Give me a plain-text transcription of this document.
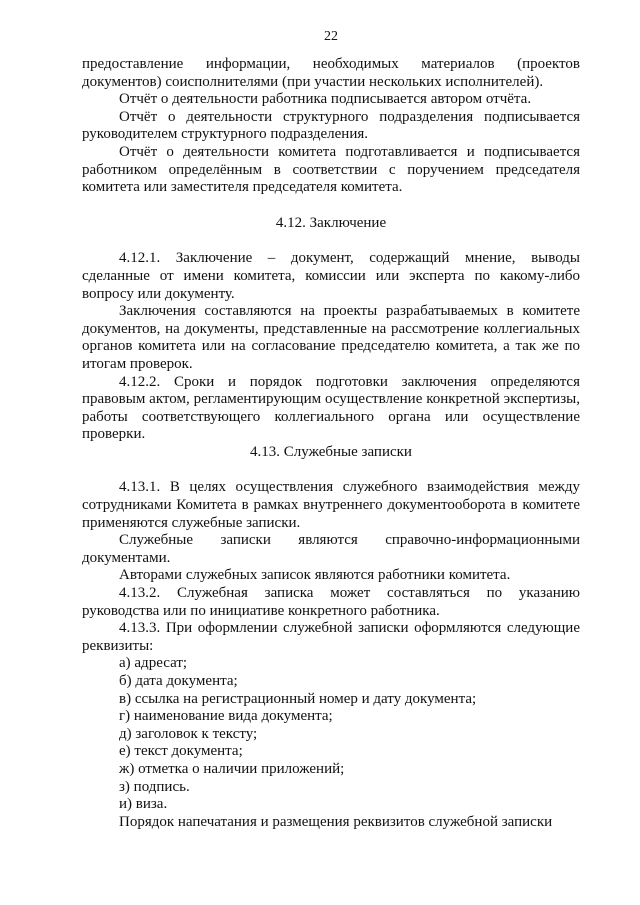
22

предоставление информации, необходимых материалов (проектов документов) соисполнителями (при участии нескольких исполнителей).

Отчёт о деятельности работника подписывается автором отчёта.

Отчёт о деятельности структурного подразделения подписывается руководителем структурного подразделения.

Отчёт о деятельности комитета подготавливается и подписывается работником определённым в соответствии с поручением председателя комитета или заместителя председателя комитета.

4.12. Заключение

4.12.1. Заключение – документ, содержащий мнение, выводы сделанные от имени комитета, комиссии или эксперта по какому-либо вопросу или документу.

Заключения составляются на проекты разрабатываемых в комитете документов, на документы, представленные на рассмотрение коллегиальных органов комитета или на согласование председателю комитета, а так же по итогам проверок.

4.12.2. Сроки и порядок подготовки заключения определяются правовым актом, регламентирующим осуществление конкретной экспертизы, работы соответствующего коллегиального органа или осуществление проверки.

4.13. Служебные записки

4.13.1. В целях осуществления служебного взаимодействия между сотрудниками Комитета в рамках внутреннего документооборота в комитете применяются служебные записки.

Служебные записки являются справочно-информационными документами.

Авторами служебных записок являются работники комитета.

4.13.2. Служебная записка может составляться по указанию руководства или по инициативе конкретного работника.

4.13.3. При оформлении служебной записки оформляются следующие реквизиты:

а) адресат;

б) дата документа;

в) ссылка на регистрационный номер и дату документа;

г) наименование вида документа;

д) заголовок к тексту;

е) текст документа;

ж) отметка о наличии приложений;

з) подпись.

и) виза.

Порядок напечатания и размещения реквизитов служебной записки
